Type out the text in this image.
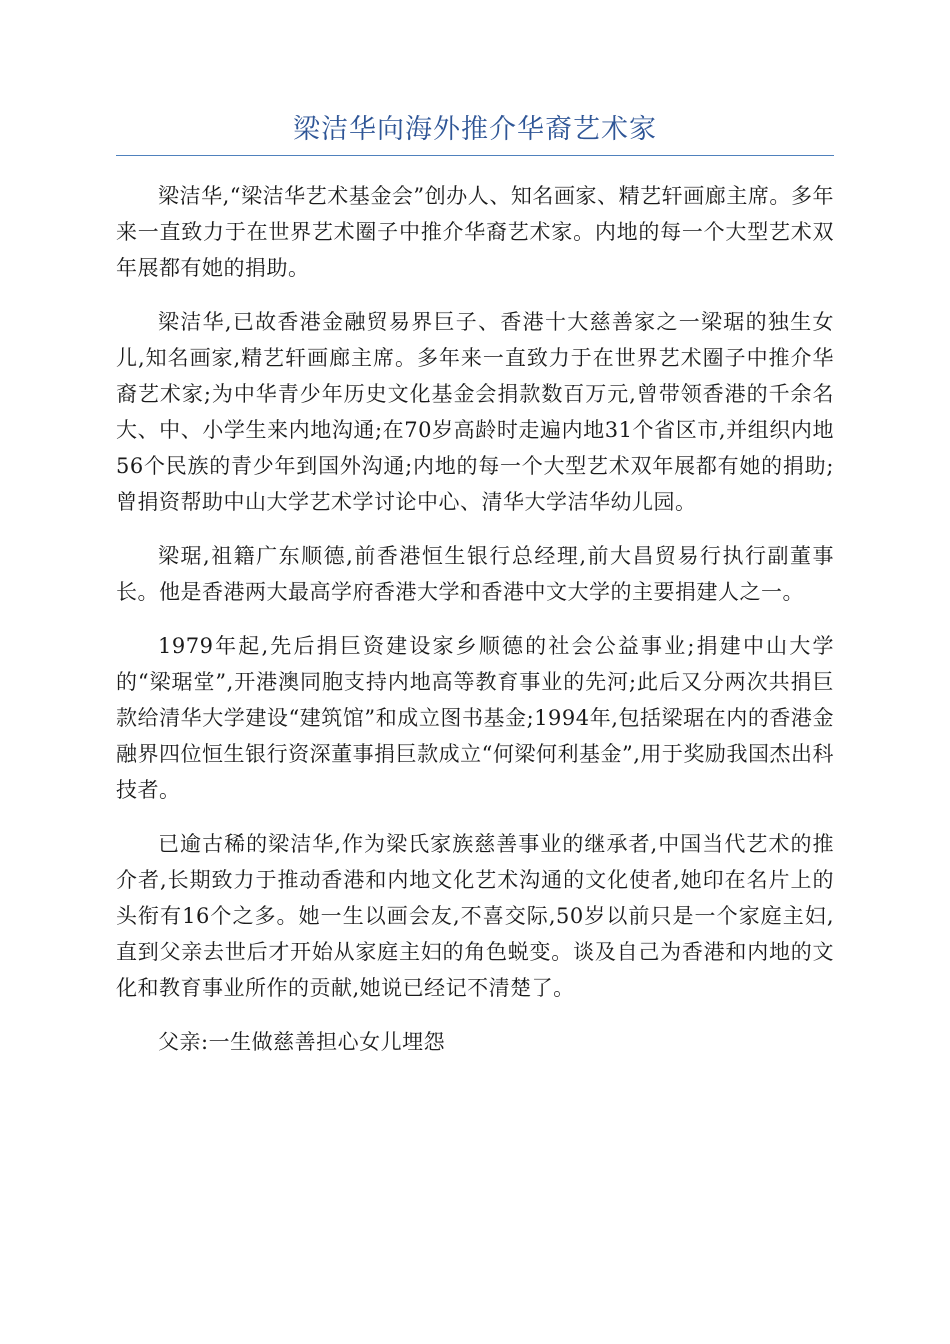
梁洁华向海外推介华裔艺术家

梁洁华,“梁洁华艺术基金会”创办人、知名画家、精艺轩画廊主席。多年来一直致力于在世界艺术圈子中推介华裔艺术家。内地的每一个大型艺术双年展都有她的捐助。

梁洁华,已故香港金融贸易界巨子、香港十大慈善家之一梁琚的独生女儿,知名画家,精艺轩画廊主席。多年来一直致力于在世界艺术圈子中推介华裔艺术家;为中华青少年历史文化基金会捐款数百万元,曾带领香港的千余名大、中、小学生来内地沟通;在70岁高龄时走遍内地31个省区市,并组织内地56个民族的青少年到国外沟通;内地的每一个大型艺术双年展都有她的捐助;曾捐资帮助中山大学艺术学讨论中心、清华大学洁华幼儿园。

梁琚,祖籍广东顺德,前香港恒生银行总经理,前大昌贸易行执行副董事长。他是香港两大最高学府香港大学和香港中文大学的主要捐建人之一。

1979年起,先后捐巨资建设家乡顺德的社会公益事业;捐建中山大学的“梁琚堂”,开港澳同胞支持内地高等教育事业的先河;此后又分两次共捐巨款给清华大学建设“建筑馆”和成立图书基金;1994年,包括梁琚在内的香港金融界四位恒生银行资深董事捐巨款成立“何梁何利基金”,用于奖励我国杰出科技者。

已逾古稀的梁洁华,作为梁氏家族慈善事业的继承者,中国当代艺术的推介者,长期致力于推动香港和内地文化艺术沟通的文化使者,她印在名片上的头衔有16个之多。她一生以画会友,不喜交际,50岁以前只是一个家庭主妇,直到父亲去世后才开始从家庭主妇的角色蜕变。谈及自己为香港和内地的文化和教育事业所作的贡献,她说已经记不清楚了。

父亲:一生做慈善担心女儿埋怨
